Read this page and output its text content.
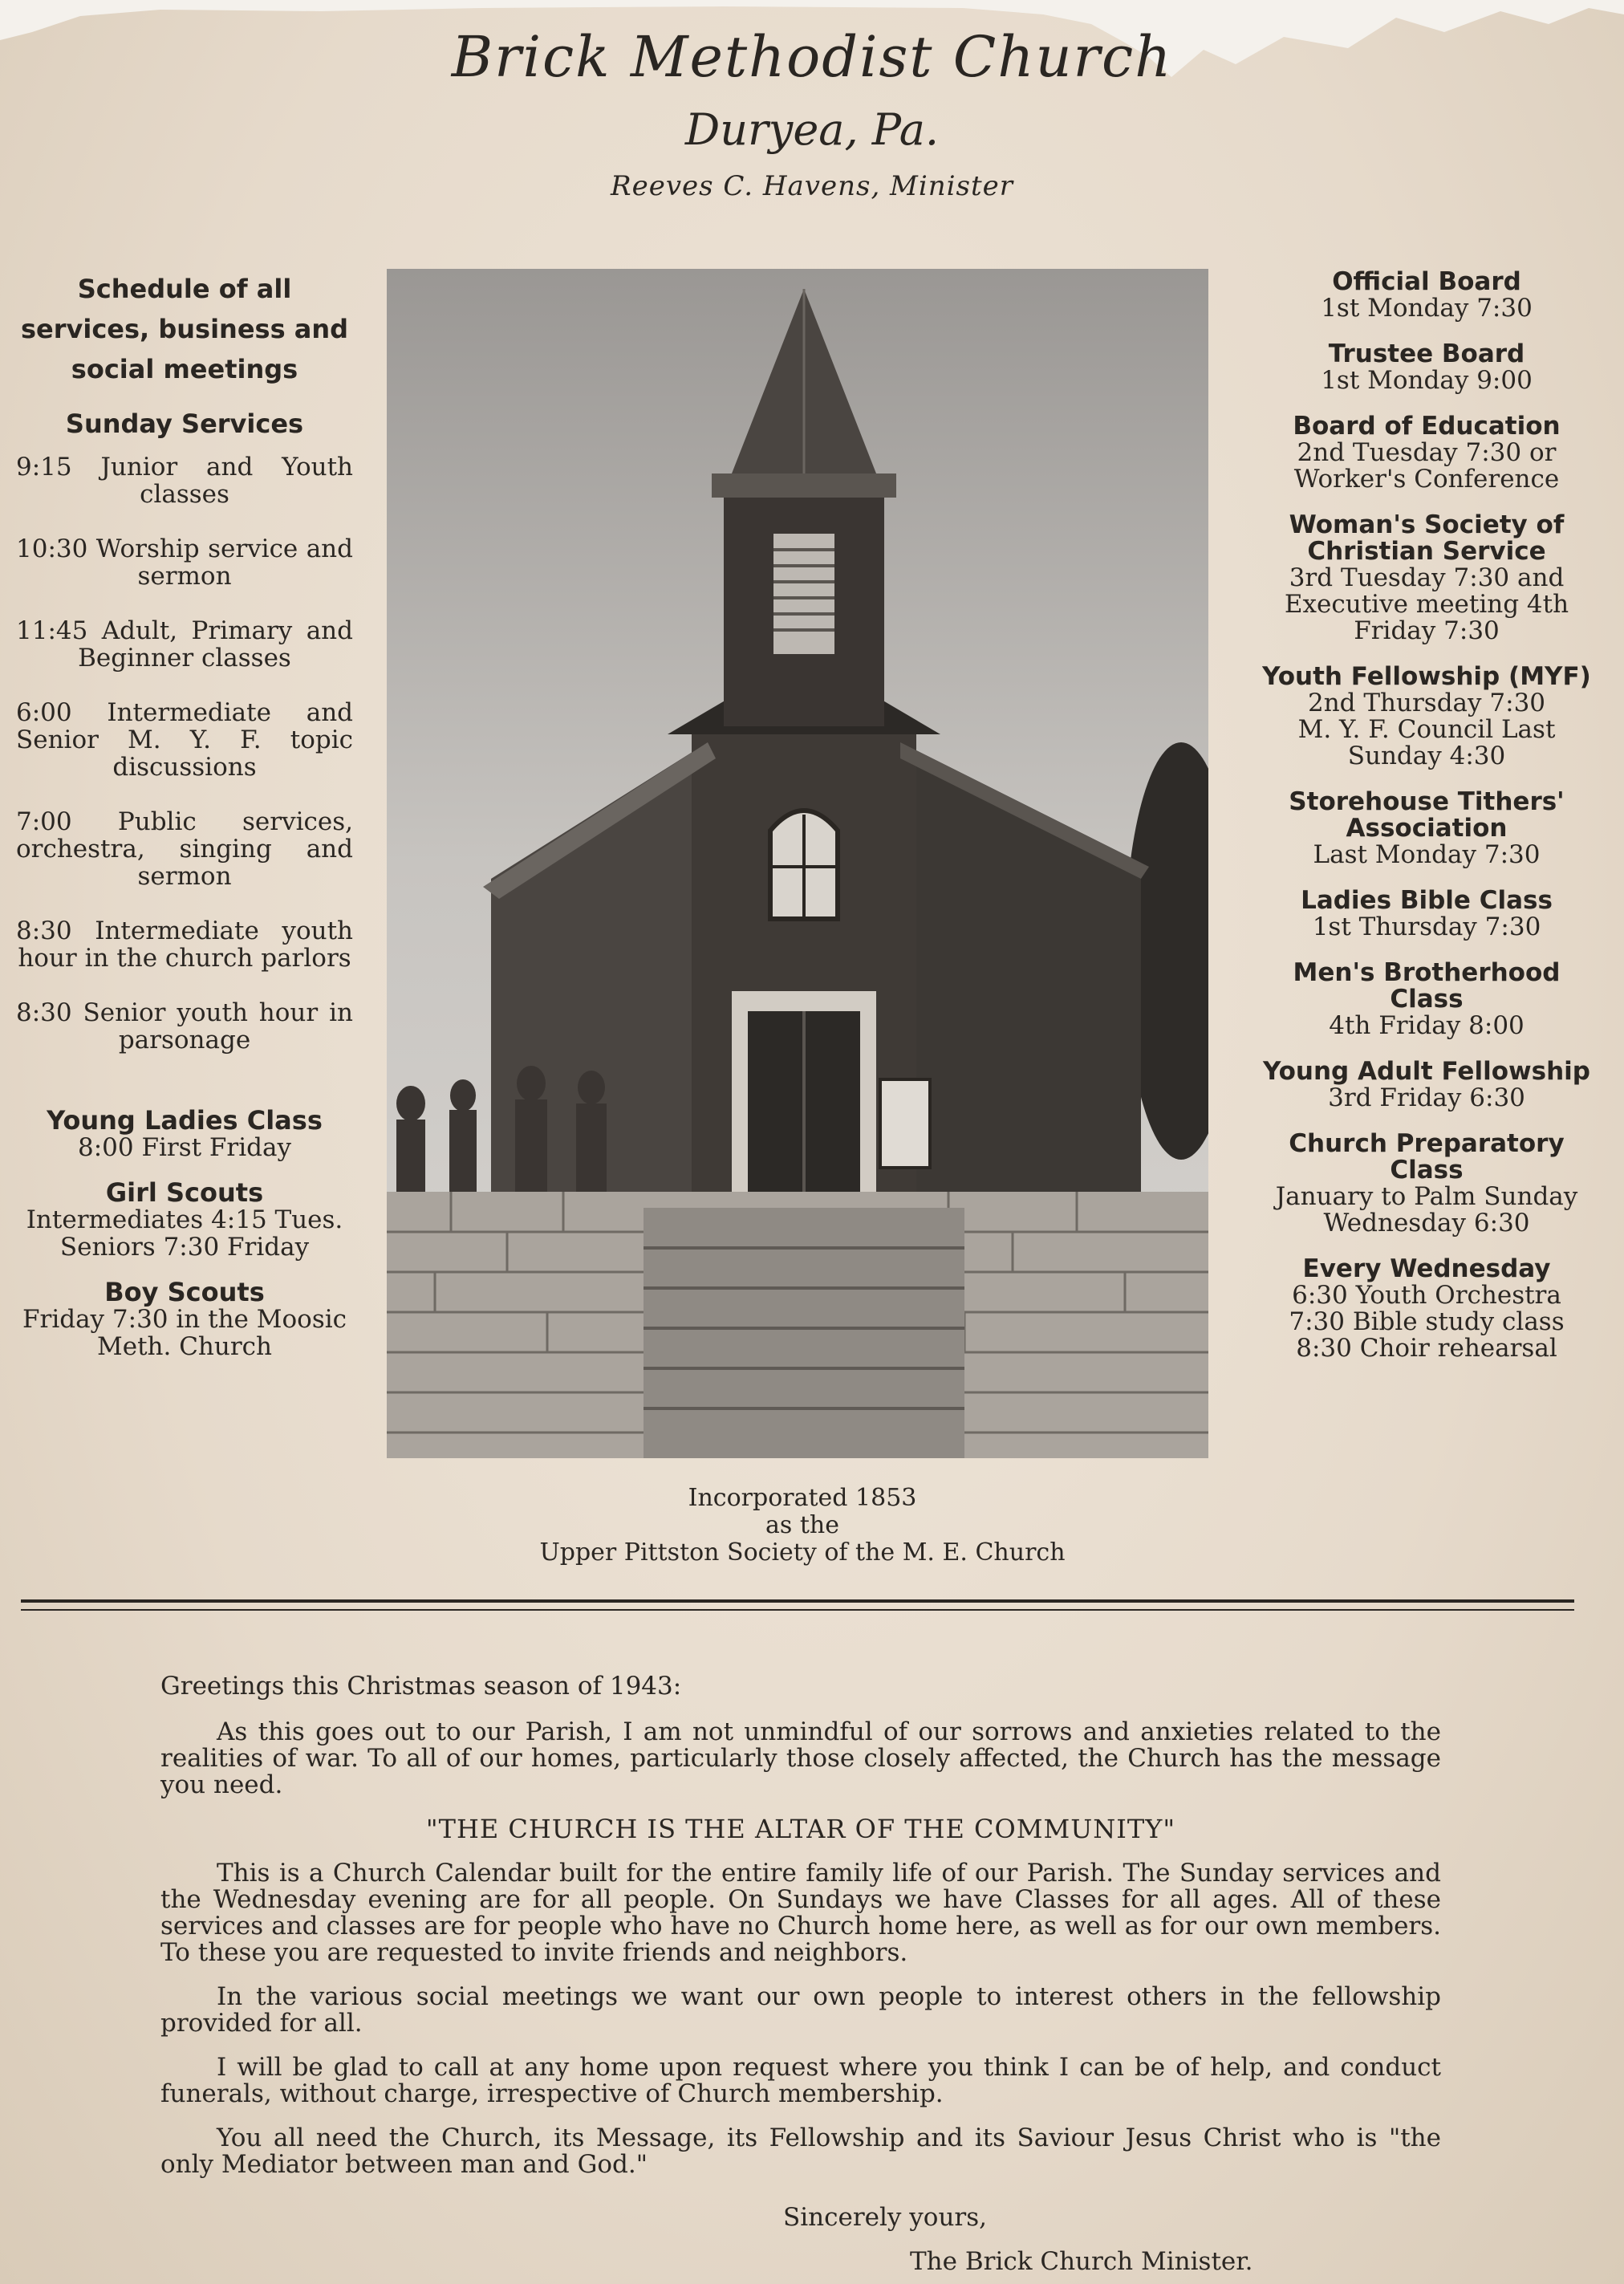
Brick Methodist Church
Duryea, Pa.
Reeves C. Havens, Minister
Schedule of all
services, business and
social meetings
Sunday Services
9:15 Junior and Youth classes
10:30 Worship service and sermon
11:45 Adult, Primary and Beginner classes
6:00 Intermediate and Senior M. Y. F. topic discussions
7:00 Public services, orchestra, singing and sermon
8:30 Intermediate youth hour in the church parlors
8:30 Senior youth hour in parsonage
Young Ladies Class
8:00 First Friday
Girl Scouts
Intermediates 4:15 Tues.
Seniors 7:30 Friday
Boy Scouts
Friday 7:30 in the Moosic
Meth. Church
Official Board
1st Monday 7:30
Trustee Board
1st Monday 9:00
Board of Education
2nd Tuesday 7:30 or
Worker's Conference
Woman's Society of Christian Service
3rd Tuesday 7:30 and
Executive meeting 4th
Friday 7:30
Youth Fellowship (MYF)
2nd Thursday 7:30
M. Y. F. Council Last
Sunday 4:30
Storehouse Tithers' Association
Last Monday 7:30
Ladies Bible Class
1st Thursday 7:30
Men's Brotherhood Class
4th Friday 8:00
Young Adult Fellowship
3rd Friday 6:30
Church Preparatory Class
January to Palm Sunday
Wednesday 6:30
Every Wednesday
6:30 Youth Orchestra
7:30 Bible study class
8:30 Choir rehearsal
Incorporated 1853
as the
Upper Pittston Society of the M. E. Church
Greetings this Christmas season of 1943:

As this goes out to our Parish, I am not unmindful of our sorrows and anxieties related to the realities of war. To all of our homes, particularly those closely affected, the Church has the message you need.

"THE CHURCH IS THE ALTAR OF THE COMMUNITY"

This is a Church Calendar built for the entire family life of our Parish. The Sunday services and the Wednesday evening are for all people. On Sundays we have Classes for all ages. All of these services and classes are for people who have no Church home here, as well as for our own members. To these you are requested to invite friends and neighbors.

In the various social meetings we want our own people to interest others in the fellowship provided for all.

I will be glad to call at any home upon request where you think I can be of help, and conduct funerals, without charge, irrespective of Church membership.

You all need the Church, its Message, its Fellowship and its Saviour Jesus Christ who is "the only Mediator between man and God."

Sincerely yours,
The Brick Church Minister.
